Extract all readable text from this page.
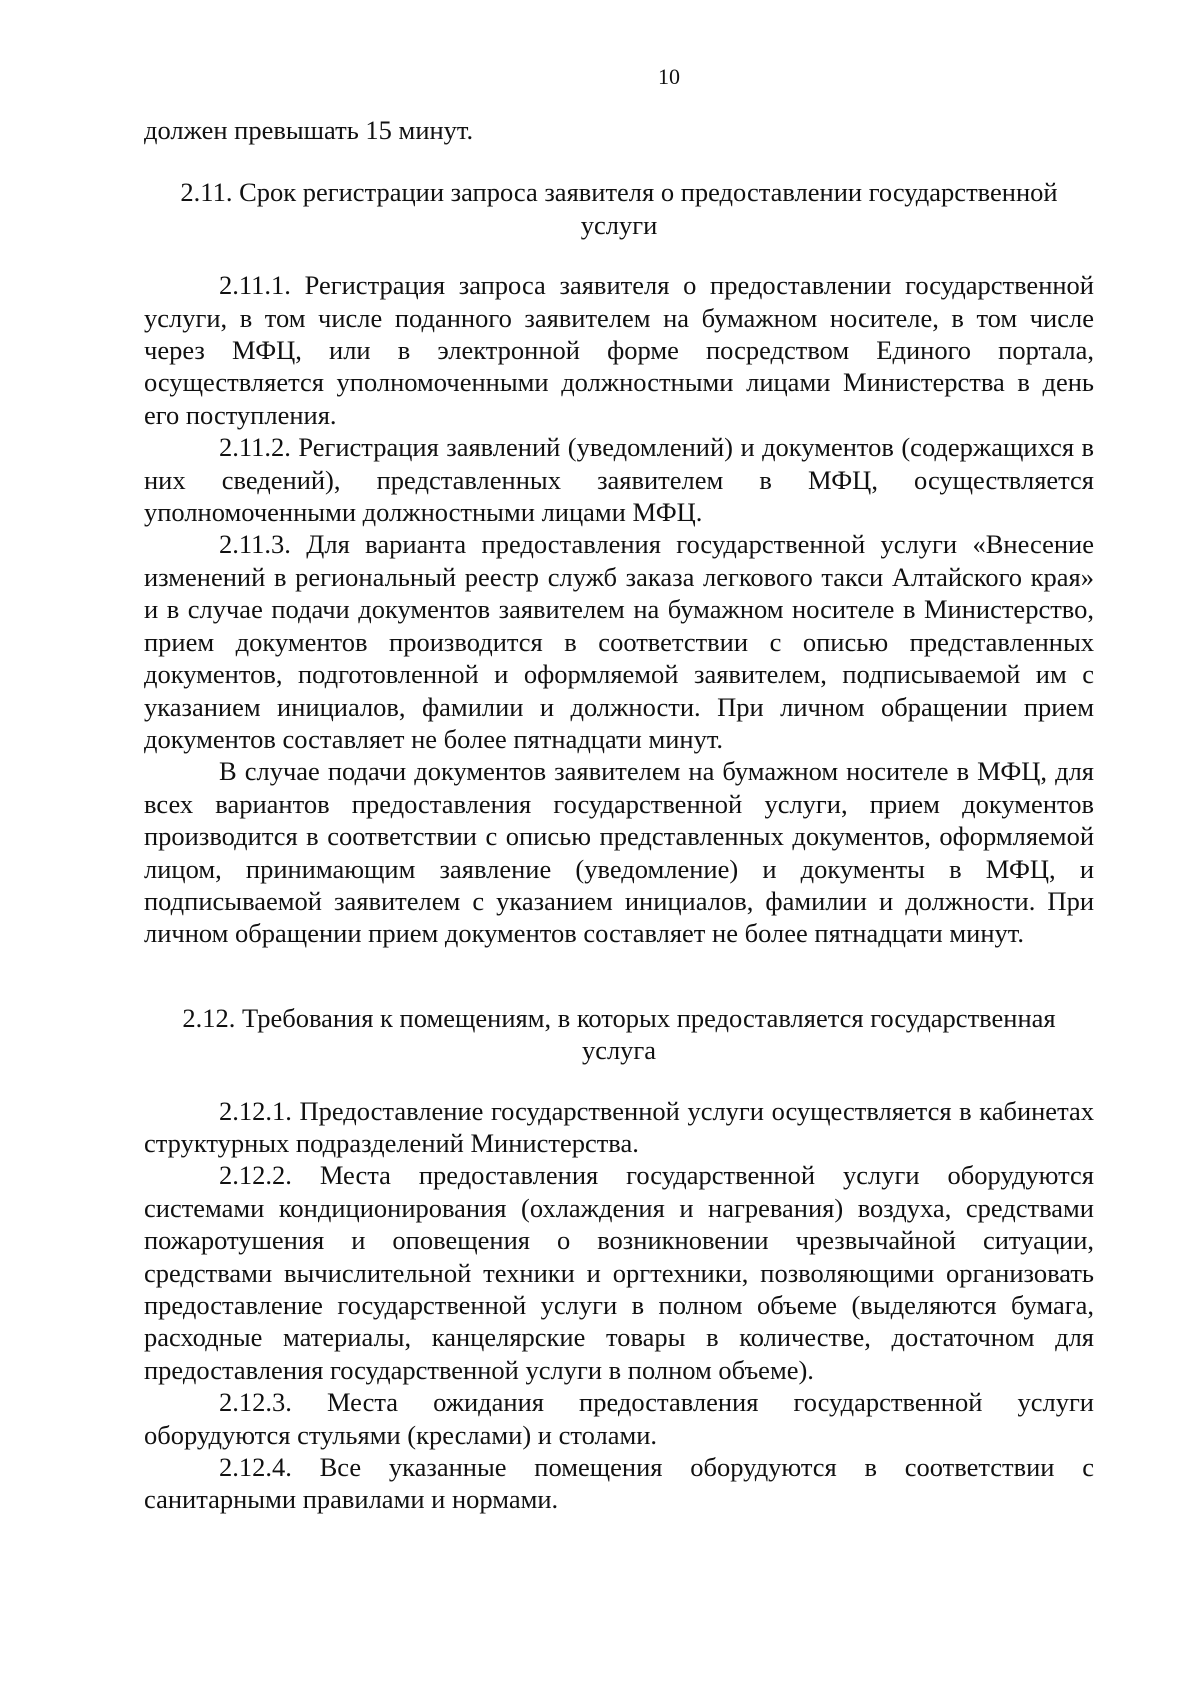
10

должен превышать 15 минут.

2.11. Срок регистрации запроса заявителя о предоставлении государственной услуги

2.11.1. Регистрация запроса заявителя о предоставлении государственной услуги, в том числе поданного заявителем на бумажном носителе, в том числе через МФЦ, или в электронной форме посредством Единого портала, осуществляется уполномоченными должностными лицами Министерства в день его поступления.

2.11.2. Регистрация заявлений (уведомлений) и документов (содержащихся в них сведений), представленных заявителем в МФЦ, осуществляется уполномоченными должностными лицами МФЦ.

2.11.3. Для варианта предоставления государственной услуги «Внесение изменений в региональный реестр служб заказа легкового такси Алтайского края» и в случае подачи документов заявителем на бумажном носителе в Министерство, прием документов производится в соответствии с описью представленных документов, подготовленной и оформляемой заявителем, подписываемой им с указанием инициалов, фамилии и должности. При личном обращении прием документов составляет не более пятнадцати минут.

В случае подачи документов заявителем на бумажном носителе в МФЦ, для всех вариантов предоставления государственной услуги, прием документов производится в соответствии с описью представленных документов, оформляемой лицом, принимающим заявление (уведомление) и документы в МФЦ, и подписываемой заявителем с указанием инициалов, фамилии и должности. При личном обращении прием документов составляет не более пятнадцати минут.

2.12. Требования к помещениям, в которых предоставляется государственная услуга

2.12.1. Предоставление государственной услуги осуществляется в кабинетах структурных подразделений Министерства.

2.12.2. Места предоставления государственной услуги оборудуются системами кондиционирования (охлаждения и нагревания) воздуха, средствами пожаротушения и оповещения о возникновении чрезвычайной ситуации, средствами вычислительной техники и оргтехники, позволяющими организовать предоставление государственной услуги в полном объеме (выделяются бумага, расходные материалы, канцелярские товары в количестве, достаточном для предоставления государственной услуги в полном объеме).

2.12.3. Места ожидания предоставления государственной услуги оборудуются стульями (креслами) и столами.

2.12.4. Все указанные помещения оборудуются в соответствии с санитарными правилами и нормами.
